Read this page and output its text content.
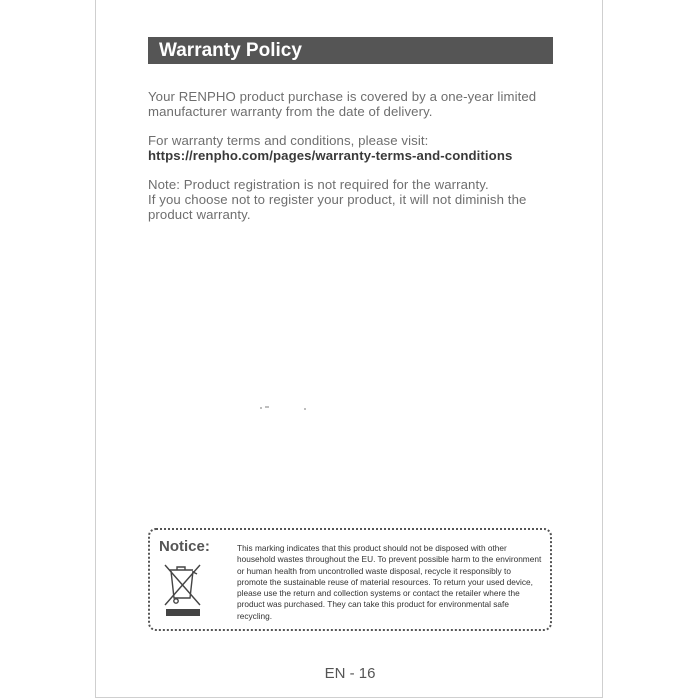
Warranty Policy

Your RENPHO product purchase is covered by a one-year limited manufacturer warranty from the date of delivery.

For warranty terms and conditions, please visit:

https://renpho.com/pages/warranty-terms-and-conditions

Note: Product registration is not required for the warranty.

If you choose not to register your product, it will not diminish the product warranty.

Notice:	This marking indicates that this product should not be disposed with other household wastes throughout the EU. To prevent possible harm to the environment or human health from uncontrolled waste disposal, recycle it responsibly to promote the sustainable reuse of material resources. To return your used device, please use the return and collection systems or contact the retailer where the product was purchased. They can take this product for environmental safe recycling.
EN - 16
